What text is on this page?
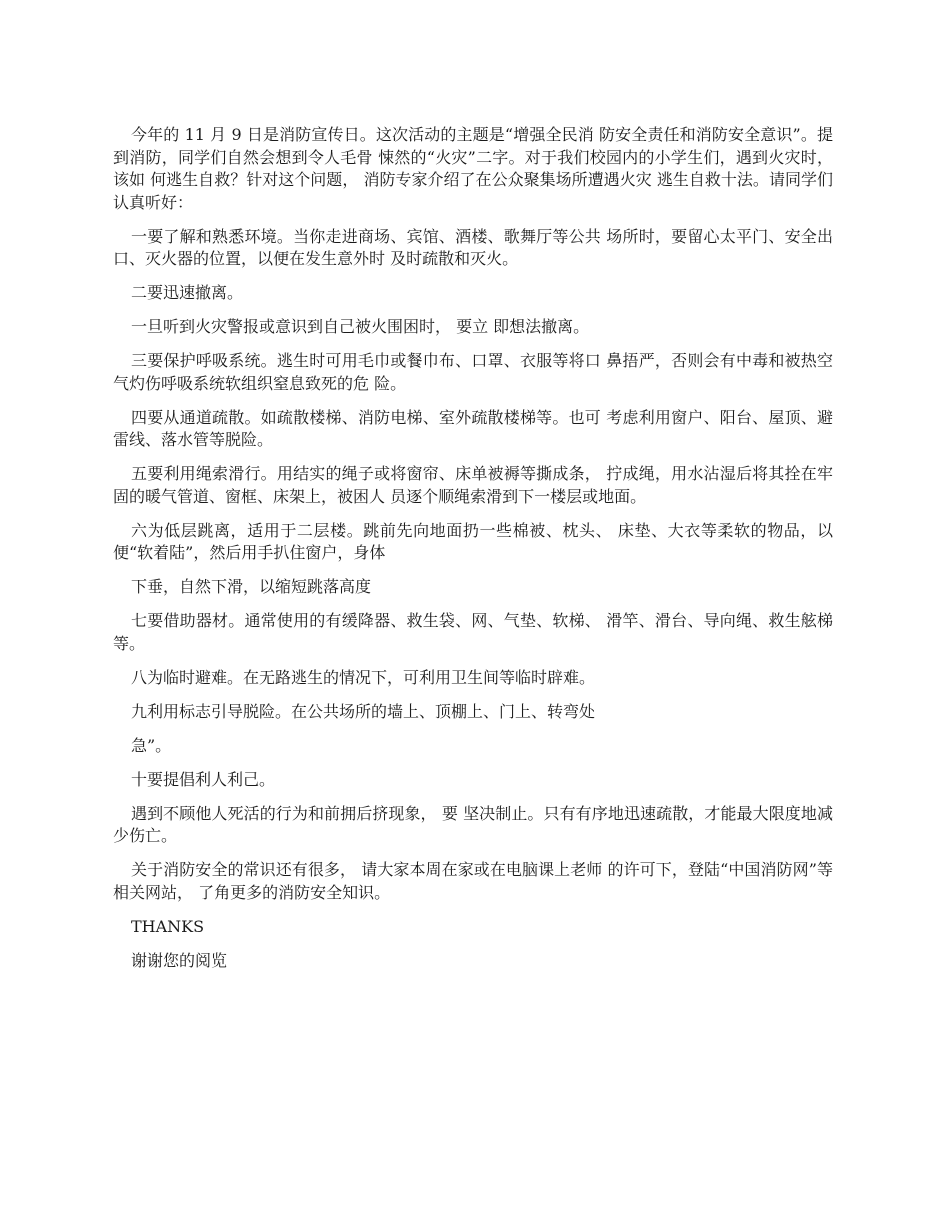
今年的 11 月 9 日是消防宣传日。这次活动的主题是“增强全民消 防安全责任和消防安全意识”。提到消防，同学们自然会想到令人毛骨 悚然的“火灾”二字。对于我们校园内的小学生们，遇到火灾时，该如 何逃生自救？针对这个问题， 消防专家介绍了在公众聚集场所遭遇火灾 逃生自救十法。请同学们认真听好：

一要了解和熟悉环境。当你走进商场、宾馆、酒楼、歌舞厅等公共 场所时，要留心太平门、安全出口、灭火器的位置，以便在发生意外时 及时疏散和灭火。

二要迅速撤离。

一旦听到火灾警报或意识到自己被火围困时， 要立 即想法撤离。

三要保护呼吸系统。逃生时可用毛巾或餐巾布、口罩、衣服等将口 鼻捂严，否则会有中毒和被热空气灼伤呼吸系统软组织窒息致死的危 险。

四要从通道疏散。如疏散楼梯、消防电梯、室外疏散楼梯等。也可 考虑利用窗户、阳台、屋顶、避雷线、落水管等脱险。

五要利用绳索滑行。用结实的绳子或将窗帘、床单被褥等撕成条， 拧成绳，用水沾湿后将其拴在牢固的暖气管道、窗框、床架上，被困人 员逐个顺绳索滑到下一楼层或地面。

六为低层跳离，适用于二层楼。跳前先向地面扔一些棉被、枕头、 床垫、大衣等柔软的物品，以便“软着陆”，然后用手扒住窗户，身体

下垂，自然下滑，以缩短跳落高度

七要借助器材。通常使用的有缓降器、救生袋、网、气垫、软梯、 滑竿、滑台、导向绳、救生舷梯等。

八为临时避难。在无路逃生的情况下，可利用卫生间等临时辟难。

九利用标志引导脱险。在公共场所的墙上、顶棚上、门上、转弯处

急”。

十要提倡利人利己。

遇到不顾他人死活的行为和前拥后挤现象， 要 坚决制止。只有有序地迅速疏散，才能最大限度地减少伤亡。

关于消防安全的常识还有很多， 请大家本周在家或在电脑课上老师 的许可下，登陆“中国消防网”等相关网站， 了角更多的消防安全知识。

THANKS

谢谢您的阅览
